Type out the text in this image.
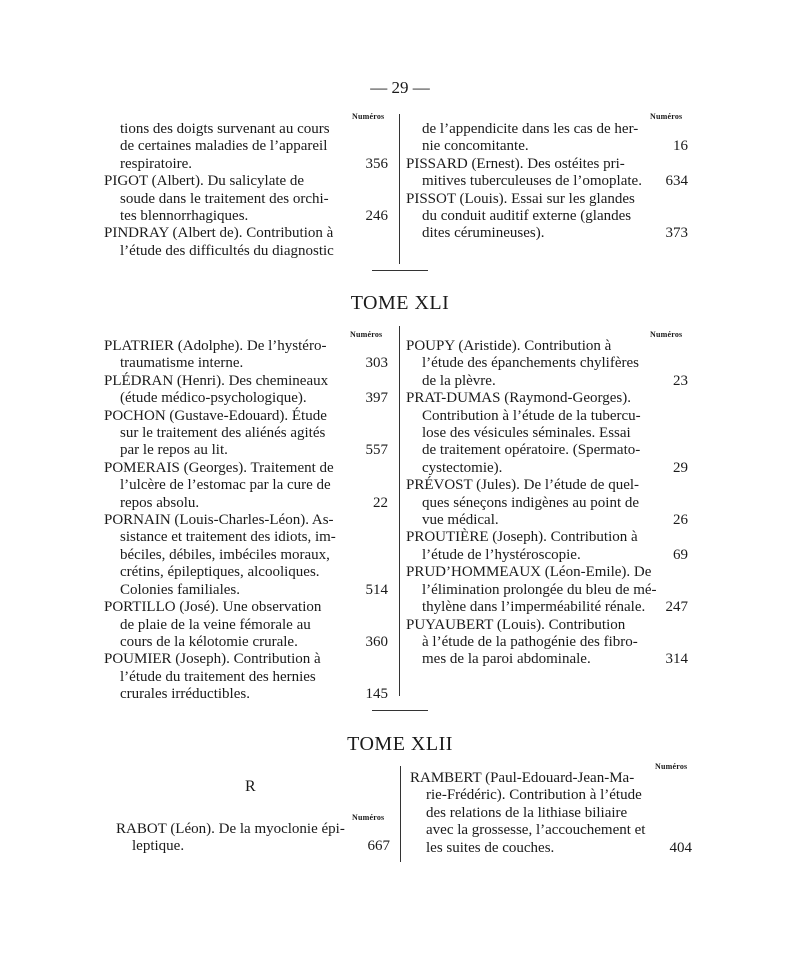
— 29 —
Numéros	Numéros
tions des doigts survenant au cours
de certaines maladies de l’appareil
respiratoire.	356
PIGOT (Albert). Du salicylate de
soude dans le traitement des orchi-
tes blennorrhagiques.	246
PINDRAY (Albert de). Contribution à
l’étude des difficultés du diagnostic
de l’appendicite dans les cas de her-
nie concomitante.	16
PISSARD (Ernest). Des ostéites pri-
mitives tuberculeuses de l’omoplate. 634
PISSOT (Louis). Essai sur les glandes
du conduit auditif externe (glandes
dites cérumineuses).	373
TOME XLI
Numéros	Numéros
PLATRIER (Adolphe). De l’hystéro-
traumatisme interne.	303
PLÉDRAN (Henri). Des chemineaux
(étude médico-psychologique).	397
POCHON (Gustave-Edouard). Étude
sur le traitement des aliénés agités
par le repos au lit.	557
POMERAIS (Georges). Traitement de
l’ulcère de l’estomac par la cure de
repos absolu.	22
PORNAIN (Louis-Charles-Léon). As-
sistance et traitement des idiots, im-
béciles, débiles, imbéciles moraux,
crétins, épileptiques, alcooliques.
Colonies familiales.	514
PORTILLO (José). Une observation
de plaie de la veine fémorale au
cours de la kélotomie crurale.	360
POUMIER (Joseph). Contribution à
l’étude du traitement des hernies
crurales irréductibles.	145
POUPY (Aristide). Contribution à
l’étude des épanchements chylifères
de la plèvre.	23
PRAT-DUMAS (Raymond-Georges).
Contribution à l’étude de la tubercu-
lose des vésicules séminales. Essai
de traitement opératoire. (Spermato-
cystectomie).	29
PRÉVOST (Jules). De l’étude de quel-
ques séneçons indigènes au point de
vue médical.	26
PROUTIÈRE (Joseph). Contribution à
l’étude de l’hystéroscopie.	69
PRUD’HOMMEAUX (Léon-Emile). De
l’élimination prolongée du bleu de mé-
thylène dans l’imperméabilité rénale. 247
PUYAUBERT (Louis). Contribution
à l’étude de la pathogénie des fibro-
mes de la paroi abdominale.	314
TOME XLII
R
Numéros
Numéros
RABOT (Léon). De la myoclonie épi-
leptique.	667
RAMBERT (Paul-Edouard-Jean-Ma-
rie-Frédéric). Contribution à l’étude
des relations de la lithiase biliaire
avec la grossesse, l’accouchement et
les suites de couches.	404
